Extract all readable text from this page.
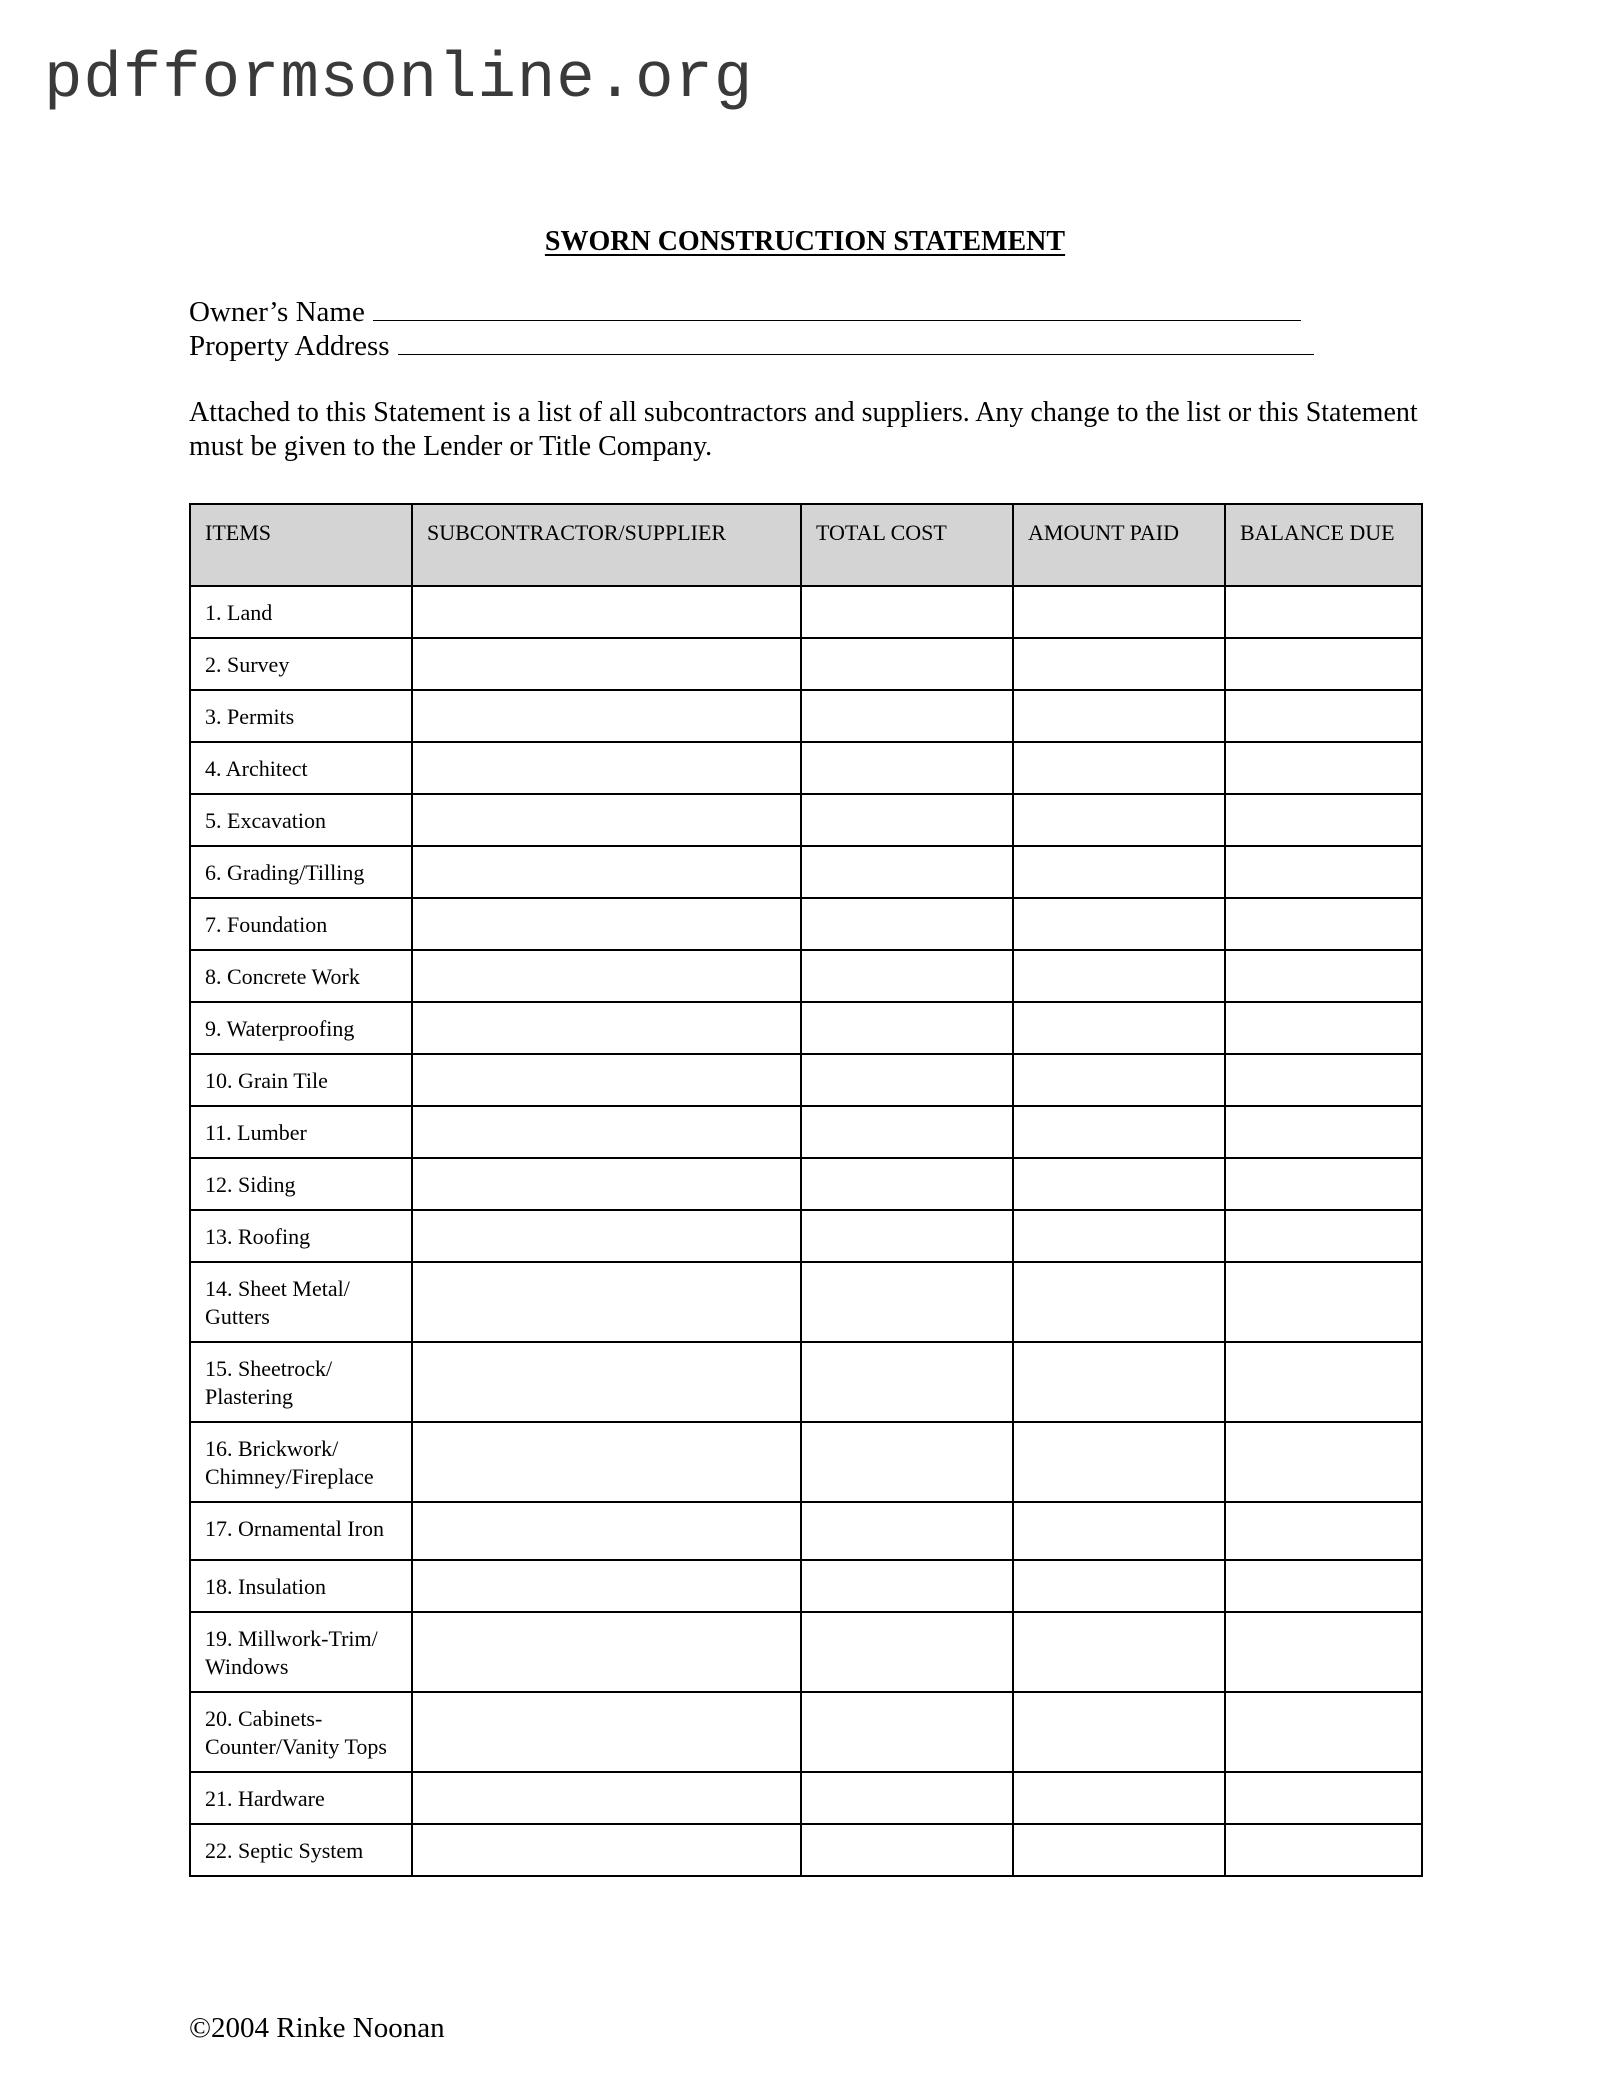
pdfformsonline.org
SWORN CONSTRUCTION STATEMENT
Owner’s Name
Property Address
Attached to this Statement is a list of all subcontractors and suppliers. Any change to the list or this Statement must be given to the Lender or Title Company.
ITEMS	SUBCONTRACTOR/SUPPLIER	TOTAL COST	AMOUNT PAID	BALANCE DUE
1. Land				
2. Survey				
3. Permits				
4. Architect				
5. Excavation				
6. Grading/Tilling				
7. Foundation				
8. Concrete Work				
9. Waterproofing				
10. Grain Tile				
11. Lumber				
12. Siding				
13. Roofing				
14. Sheet Metal/ Gutters				
15. Sheetrock/ Plastering				
16. Brickwork/ Chimney/Fireplace				
17. Ornamental Iron				
18. Insulation				
19. Millwork-Trim/ Windows				
20. Cabinets-Counter/Vanity Tops				
21. Hardware				
22. Septic System				
©2004 Rinke Noonan
